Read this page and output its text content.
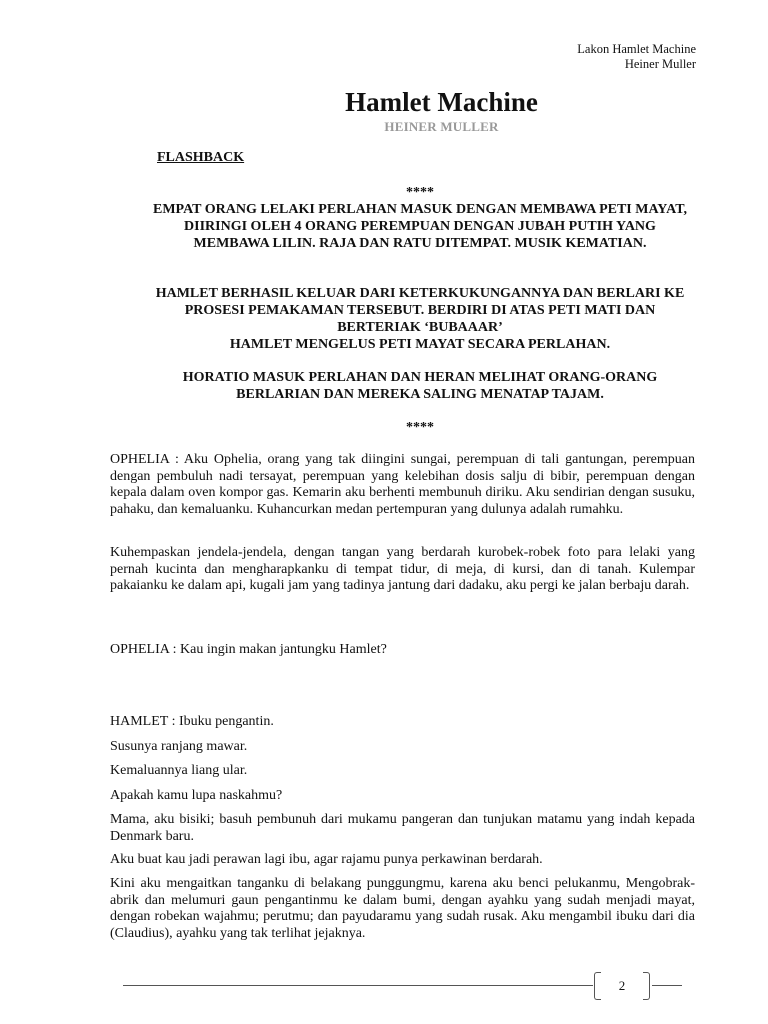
Lakon Hamlet Machine
Heiner Muller
Hamlet Machine
HEINER MULLER
FLASHBACK
****
EMPAT ORANG LELAKI PERLAHAN MASUK DENGAN MEMBAWA PETI MAYAT, DIIRINGI OLEH 4 ORANG PEREMPUAN DENGAN JUBAH PUTIH YANG MEMBAWA LILIN. RAJA DAN RATU DITEMPAT. MUSIK KEMATIAN.
HAMLET BERHASIL KELUAR DARI KETERKUKUNGANNYA DAN BERLARI KE PROSESI PEMAKAMAN TERSEBUT. BERDIRI DI ATAS PETI MATI DAN BERTERIAK ‘BUBAAAR’
HAMLET MENGELUS PETI MAYAT SECARA PERLAHAN.
HORATIO MASUK PERLAHAN DAN HERAN MELIHAT ORANG-ORANG BERLARIAN DAN MEREKA SALING MENATAP TAJAM.
****
OPHELIA : Aku Ophelia, orang yang tak diingini sungai, perempuan di tali gantungan, perempuan dengan pembuluh nadi tersayat, perempuan yang kelebihan dosis salju di bibir, perempuan dengan kepala dalam oven kompor gas. Kemarin aku berhenti membunuh diriku. Aku sendirian dengan susuku, pahaku, dan kemaluanku. Kuhancurkan medan pertempuran yang dulunya adalah rumahku.
Kuhempaskan jendela-jendela, dengan tangan yang berdarah kurobek-robek foto para lelaki yang pernah kucinta dan mengharapkanku di tempat tidur, di meja, di kursi, dan di tanah. Kulempar pakaianku ke dalam api, kugali jam yang tadinya jantung dari dadaku, aku pergi ke jalan berbaju darah.
OPHELIA : Kau ingin makan jantungku Hamlet?
HAMLET : Ibuku pengantin.
Susunya ranjang mawar.
Kemaluannya liang ular.
Apakah kamu lupa naskahmu?
Mama, aku bisiki; basuh pembunuh dari mukamu pangeran dan tunjukan matamu yang indah kepada Denmark baru.
Aku buat kau jadi perawan lagi ibu, agar rajamu punya perkawinan berdarah.
Kini aku mengaitkan tanganku di belakang punggungmu, karena aku benci pelukanmu, Mengobrak-abrik dan melumuri gaun pengantinmu ke dalam bumi, dengan ayahku yang sudah menjadi mayat, dengan robekan wajahmu; perutmu; dan payudaramu yang sudah rusak. Aku mengambil ibuku dari dia (Claudius), ayahku yang tak terlihat jejaknya.
2
